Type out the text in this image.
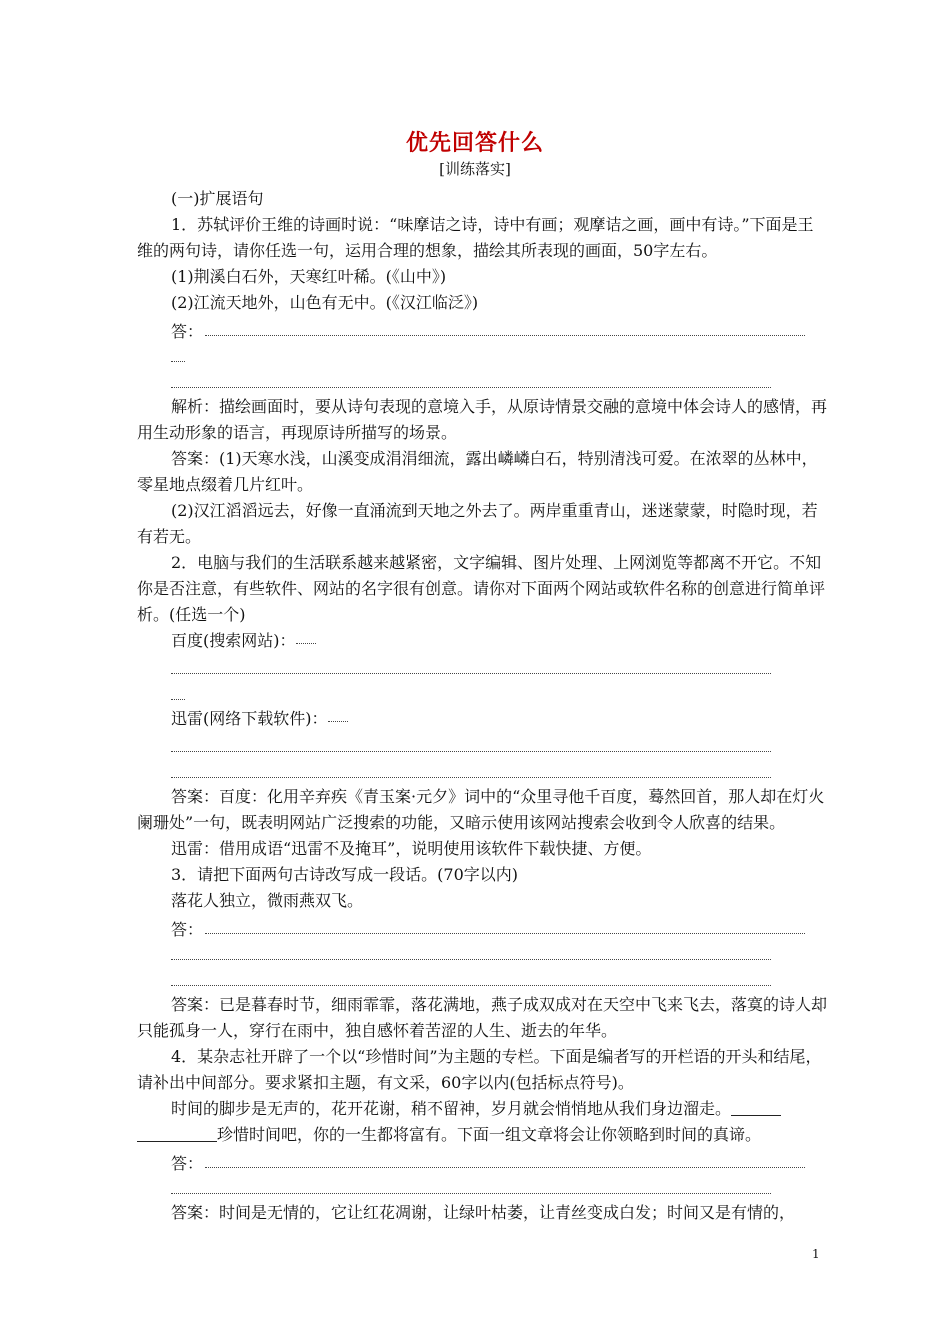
优先回答什么
[训练落实]

(一)扩展语句

1．苏轼评价王维的诗画时说：“味摩诘之诗，诗中有画；观摩诘之画，画中有诗。”下面是王维的两句诗，请你任选一句，运用合理的想象，描绘其所表现的画面，50字左右。

(1)荆溪白石外，天寒红叶稀。(《山中》)

(2)江流天地外，山色有无中。(《汉江临泛》)

答：

解析：描绘画面时，要从诗句表现的意境入手，从原诗情景交融的意境中体会诗人的感情，再用生动形象的语言，再现原诗所描写的场景。

答案：(1)天寒水浅，山溪变成涓涓细流，露出嶙嶙白石，特别清浅可爱。在浓翠的丛林中，零星地点缀着几片红叶。

(2)汉江滔滔远去，好像一直涌流到天地之外去了。两岸重重青山，迷迷蒙蒙，时隐时现，若有若无。

2．电脑与我们的生活联系越来越紧密，文字编辑、图片处理、上网浏览等都离不开它。不知你是否注意，有些软件、网站的名字很有创意。请你对下面两个网站或软件名称的创意进行简单评析。(任选一个)

百度(搜索网站)：

迅雷(网络下载软件)：

答案：百度：化用辛弃疾《青玉案·元夕》词中的“众里寻他千百度，蓦然回首，那人却在灯火阑珊处”一句，既表明网站广泛搜索的功能，又暗示使用该网站搜索会收到令人欣喜的结果。

迅雷：借用成语“迅雷不及掩耳”，说明使用该软件下载快捷、方便。

3．请把下面两句古诗改写成一段话。(70字以内)

落花人独立，微雨燕双飞。

答：

答案：已是暮春时节，细雨霏霏，落花满地，燕子成双成对在天空中飞来飞去，落寞的诗人却只能孤身一人，穿行在雨中，独自感怀着苦涩的人生、逝去的年华。

4．某杂志社开辟了一个以“珍惜时间”为主题的专栏。下面是编者写的开栏语的开头和结尾，请补出中间部分。要求紧扣主题，有文采，60字以内(包括标点符号)。

时间的脚步是无声的，花开花谢，稍不留神，岁月就会悄悄地从我们身边溜走。珍惜时间吧，你的一生都将富有。下面一组文章将会让你领略到时间的真谛。

答：

答案：时间是无情的，它让红花凋谢，让绿叶枯萎，让青丝变成白发；时间又是有情的，

1
